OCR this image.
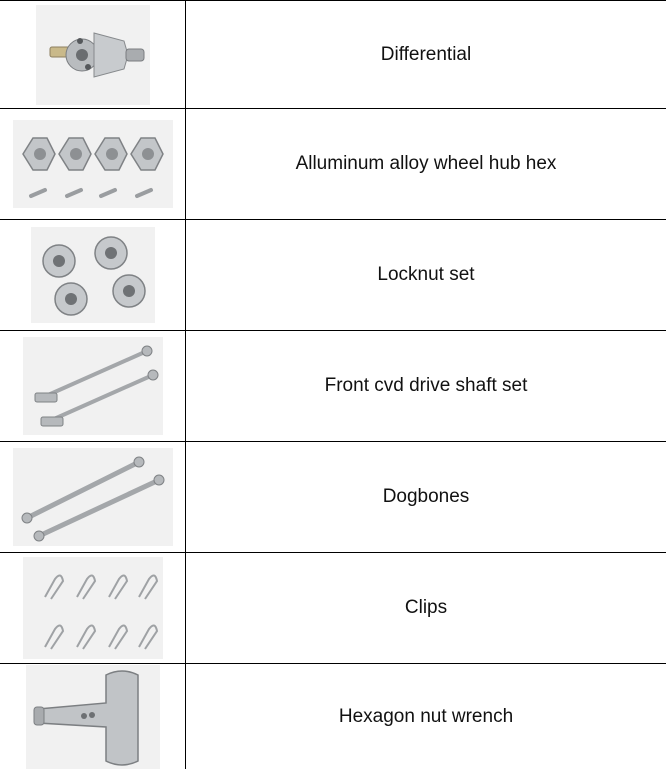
Differential
Alluminum alloy wheel hub hex
Locknut set
Front cvd drive shaft set
Dogbones
Clips
Hexagon nut wrench
